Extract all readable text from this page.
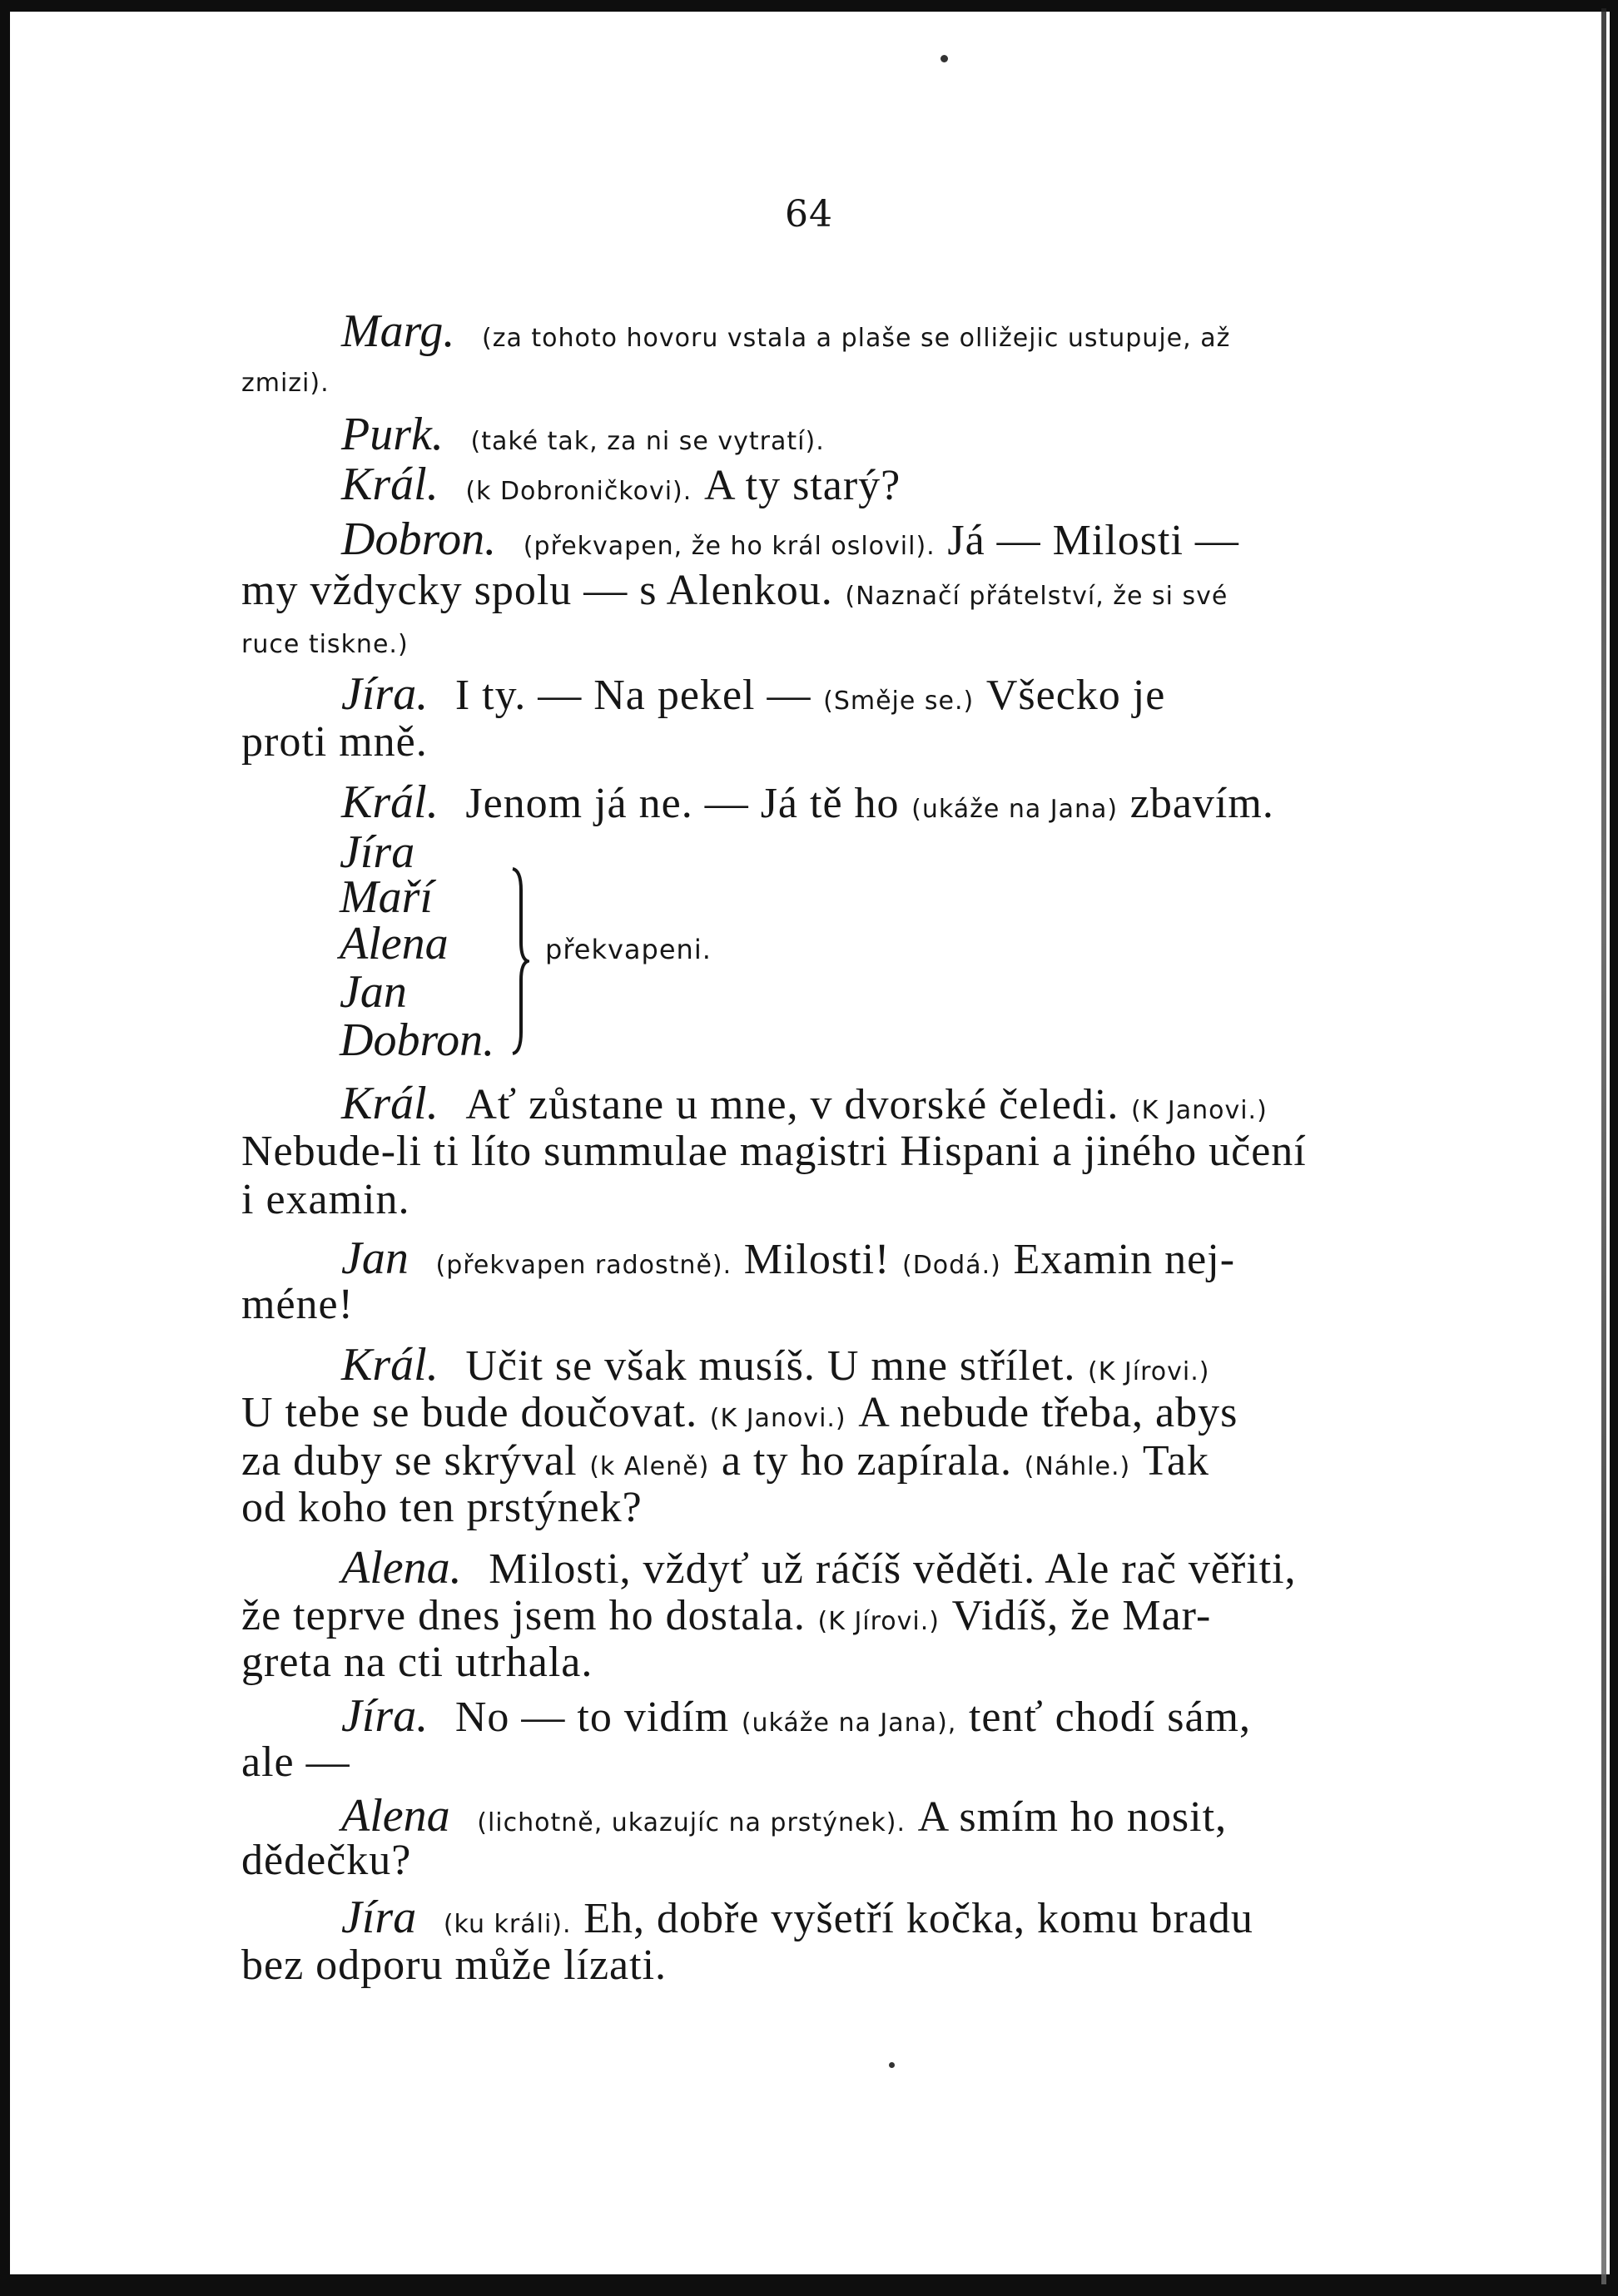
64
Marg. (za tohoto hovoru vstala a plaše se olližejic ustupuje, až
zmizi).
Purk. (také tak, za ni se vytratí).
Král. (k Dobroničkovi). A ty starý?
Dobron. (překvapen, že ho král oslovil). Já — Milosti —
my vždycky spolu — s Alenkou. (Naznačí přátelství, že si své
ruce tiskne.)
Jíra. I ty. — Na pekel — (Směje se.) Všecko je
proti mně.
Král. Jenom já ne. — Já tě ho (ukáže na Jana) zbavím.
Jíra
Maří
Alena
Jan
Dobron.
překvapeni.
Král. Ať zůstane u mne, v dvorské čeledi. (K Janovi.)
Nebude-li ti líto summulae magistri Hispani a jiného učení
i examin.
Jan (překvapen radostně). Milosti! (Dodá.) Examin nej-
méne!
Král. Učit se však musíš. U mne střílet. (K Jírovi.)
U tebe se bude doučovat. (K Janovi.) A nebude třeba, abys
za duby se skrýval (k Aleně) a ty ho zapírala. (Náhle.) Tak
od koho ten prstýnek?
Alena. Milosti, vždyť už ráčíš věděti. Ale rač věřiti,
že teprve dnes jsem ho dostala. (K Jírovi.) Vidíš, že Mar-
greta na cti utrhala.
Jíra. No — to vidím (ukáže na Jana), tenť chodí sám,
ale —
Alena (lichotně, ukazujíc na prstýnek). A smím ho nosit,
dědečku?
Jíra (ku králi). Eh, dobře vyšetří kočka, komu bradu
bez odporu může lízati.
